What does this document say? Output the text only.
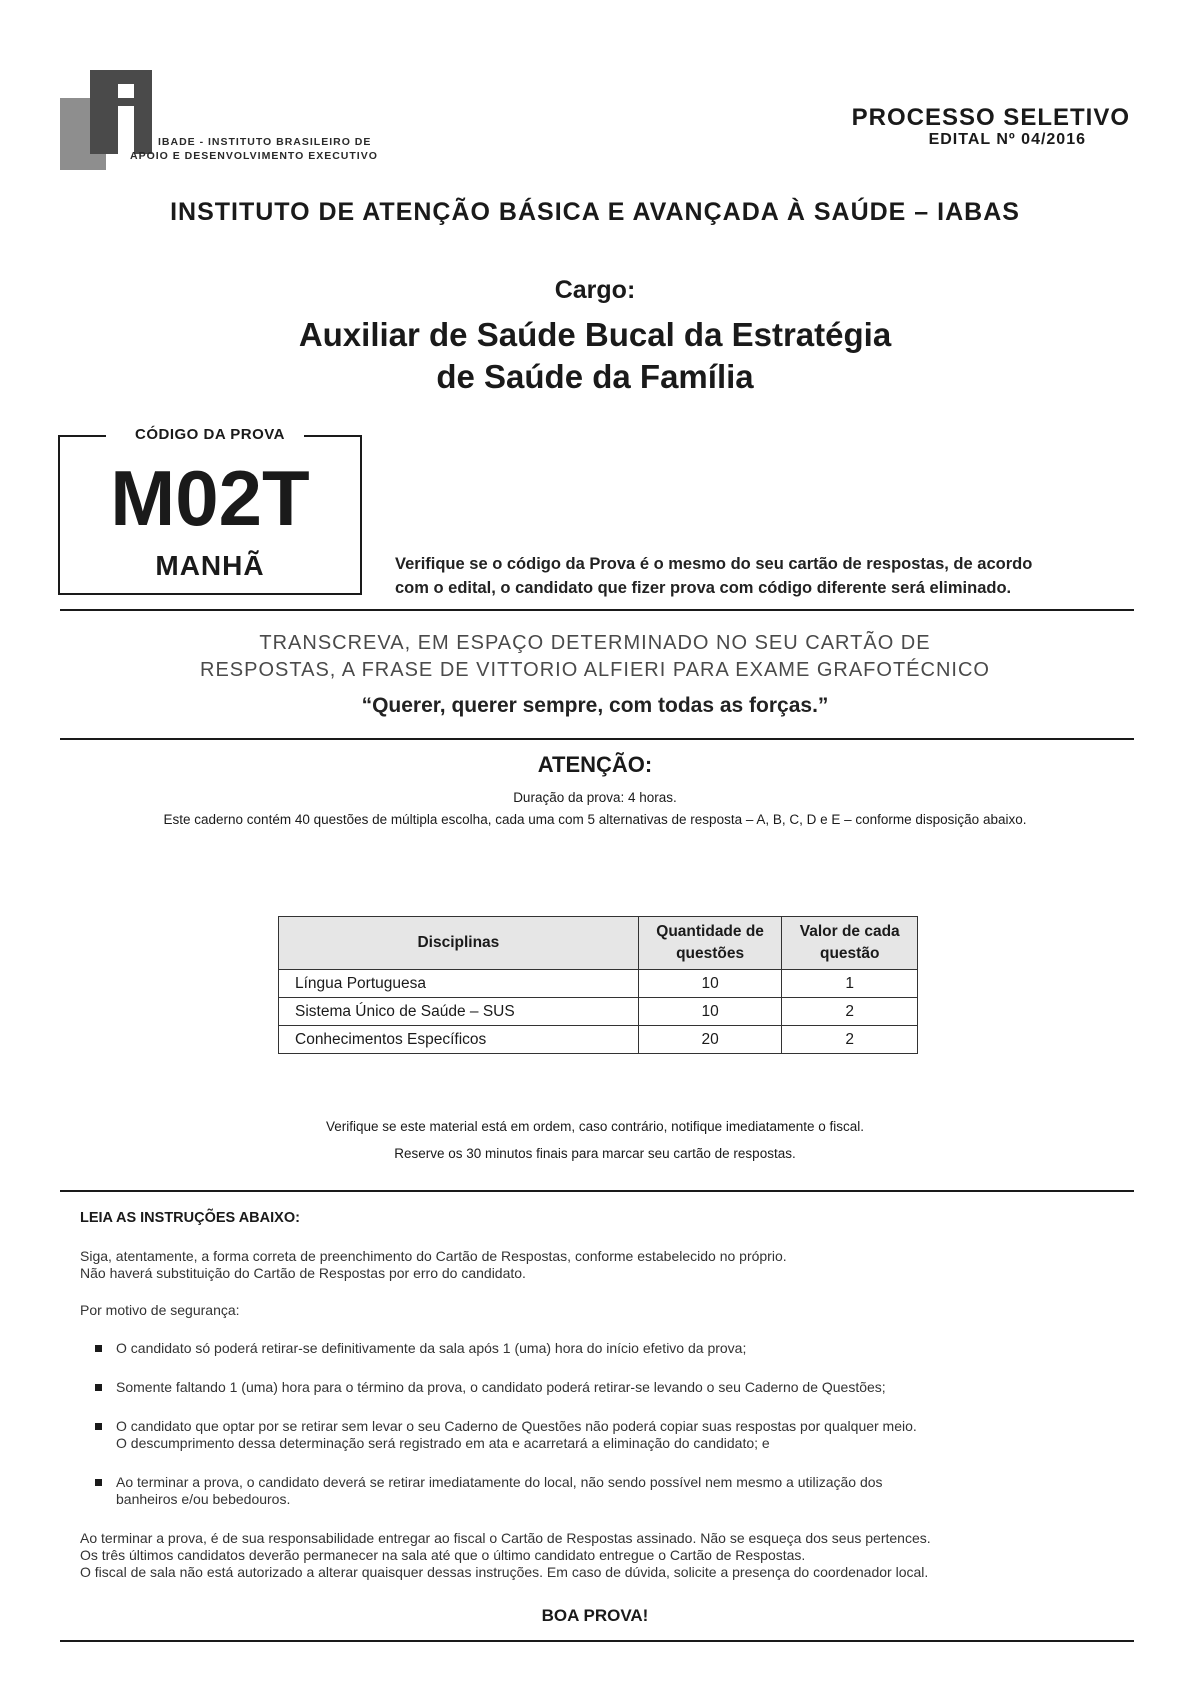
IBADE - INSTITUTO BRASILEIRO DE
APOIO E DESENVOLVIMENTO EXECUTIVO
PROCESSO SELETIVO
EDITAL Nº 04/2016
INSTITUTO DE ATENÇÃO BÁSICA E AVANÇADA À SAÚDE – IABAS
Cargo:
Auxiliar de Saúde Bucal da Estratégia
de Saúde da Família
CÓDIGO DA PROVA
M02T
MANHÃ	Verifique se o código da Prova é o mesmo do seu cartão de respostas, de acordo
com o edital, o candidato que fizer prova com código diferente será eliminado.
TRANSCREVA, EM ESPAÇO DETERMINADO NO SEU CARTÃO DE
RESPOSTAS, A FRASE DE VITTORIO ALFIERI PARA EXAME GRAFOTÉCNICO
“Querer, querer sempre, com todas as forças.”
ATENÇÃO:
Duração da prova: 4 horas.
Este caderno contém 40 questões de múltipla escolha, cada uma com 5 alternativas de resposta – A, B, C, D e E – conforme disposição abaixo.
Disciplinas	Quantidade de questões	Valor de cada questão
Língua Portuguesa	10	1
Sistema Único de Saúde – SUS	10	2
Conhecimentos Específicos	20	2
Verifique se este material está em ordem, caso contrário, notifique imediatamente o fiscal.
Reserve os 30 minutos finais para marcar seu cartão de respostas.
LEIA AS INSTRUÇÕES ABAIXO:
Siga, atentamente, a forma correta de preenchimento do Cartão de Respostas, conforme estabelecido no próprio.
Não haverá substituição do Cartão de Respostas por erro do candidato.
Por motivo de segurança:
O candidato só poderá retirar-se definitivamente da sala após 1 (uma) hora do início efetivo da prova;
Somente faltando 1 (uma) hora para o término da prova, o candidato poderá retirar-se levando o seu Caderno de Questões;
O candidato que optar por se retirar sem levar o seu Caderno de Questões não poderá copiar suas respostas por qualquer meio.
O descumprimento dessa determinação será registrado em ata e acarretará a eliminação do candidato; e
Ao terminar a prova, o candidato deverá se retirar imediatamente do local, não sendo possível nem mesmo a utilização dos
banheiros e/ou bebedouros.
Ao terminar a prova, é de sua responsabilidade entregar ao fiscal o Cartão de Respostas assinado. Não se esqueça dos seus pertences.
Os três últimos candidatos deverão permanecer na sala até que o último candidato entregue o Cartão de Respostas.
O fiscal de sala não está autorizado a alterar quaisquer dessas instruções. Em caso de dúvida, solicite a presença do coordenador local.
BOA PROVA!
